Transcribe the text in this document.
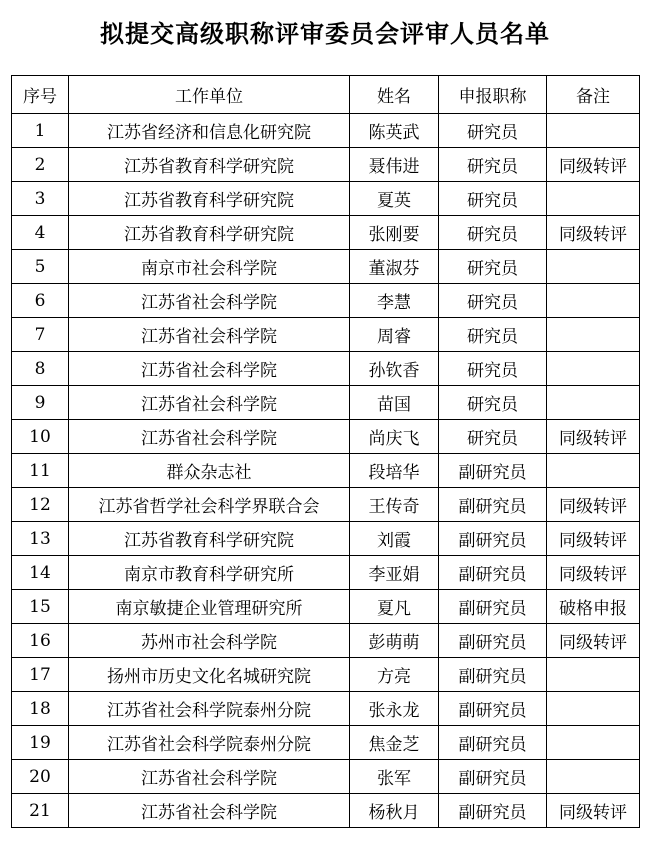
拟提交高级职称评审委员会评审人员名单
序号	工作单位	姓名	申报职称	备注
1	江苏省经济和信息化研究院	陈英武	研究员	
2	江苏省教育科学研究院	聂伟进	研究员	同级转评
3	江苏省教育科学研究院	夏英	研究员	
4	江苏省教育科学研究院	张刚要	研究员	同级转评
5	南京市社会科学院	董淑芬	研究员	
6	江苏省社会科学院	李慧	研究员	
7	江苏省社会科学院	周睿	研究员	
8	江苏省社会科学院	孙钦香	研究员	
9	江苏省社会科学院	苗国	研究员	
10	江苏省社会科学院	尚庆飞	研究员	同级转评
11	群众杂志社	段培华	副研究员	
12	江苏省哲学社会科学界联合会	王传奇	副研究员	同级转评
13	江苏省教育科学研究院	刘霞	副研究员	同级转评
14	南京市教育科学研究所	李亚娟	副研究员	同级转评
15	南京敏捷企业管理研究所	夏凡	副研究员	破格申报
16	苏州市社会科学院	彭萌萌	副研究员	同级转评
17	扬州市历史文化名城研究院	方亮	副研究员	
18	江苏省社会科学院泰州分院	张永龙	副研究员	
19	江苏省社会科学院泰州分院	焦金芝	副研究员	
20	江苏省社会科学院	张军	副研究员	
21	江苏省社会科学院	杨秋月	副研究员	同级转评
